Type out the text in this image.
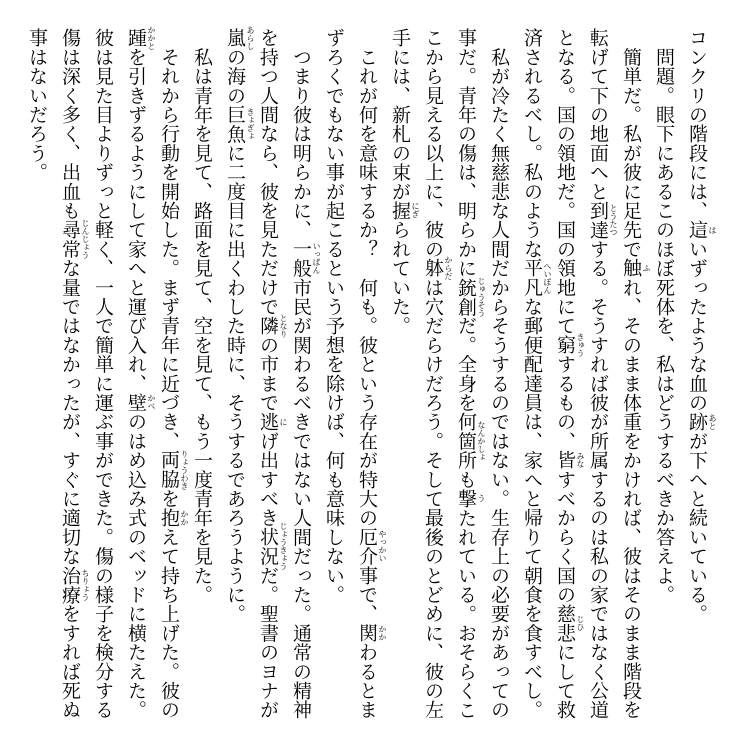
コンクリの階段には、這 は
いずったような血の跡 あと
が下へと続いている。
　問題。眼下にあるこのほぼ死体を、私はどうするべきか答えよ。
　簡単だ。私が彼に足先で触 ふ
れ、そのまま体重をかければ、彼はそのまま階段を
転げて下の地面へと到達 とうたつ
する。そうすれば彼が所属するのは私の家ではなく公道
となる。国の領地だ。国の領地にて窮 きゅう
するもの、皆 みな
すべからく国の慈悲 じひ
にして救
済されるべし。私のような平凡 へいぼん
な郵便配達員は、家へと帰りて朝食を食すべし。
　私が冷たく無慈悲な人間だからそうするのではない。生存上の必要があっての
事だ。青年の傷は、明らかに銃創 じゅうそう
だ。全身を何箇所 なんかしょ
も撃 う
たれている。おそらくこ
こから見える以上に、彼の躰 からだ
は穴だらけだろう。そして最後のとどめに、彼の左
手には、新札の束が握 にぎ
られていた。
　これが何を意味するか？　何も。彼という存在が特大の厄介 やっかい
事で、関 かか
わるとま
ずろくでもない事が起こるという予想を除けば、何も意味しない。
　つまり彼は明らかに、一般 いっぱん
市民が関わるべきではない人間だった。通常の精神
を持つ人間なら、彼を見ただけで隣 となり
の市まで逃 に
げ出すべき状況 じょうきょう
だ。聖書のヨナが
嵐 あらし
の海の巨魚 きょぎょ
に二度目に出くわした時に、そうするであろうように。
　私は青年を見て、路面を見て、空を見て、もう一度青年を見た。
　それから行動を開始した。まず青年に近づき、両脇 りょうわき
を抱 かか
えて持ち上げた。彼の
踵 かかと
を引きずるようにして家へと運び入れ、壁 かべ
のはめ込み式のベッドに横たえた。
彼は見た目よりずっと軽く、一人で簡単に運ぶ事ができた。傷の様子を検分する
傷は深く多く、出血も尋常 じんじょう
な量ではなかったが、すぐに適切な治療 ちりょう
をすれば死ぬ
事はないだろう。
